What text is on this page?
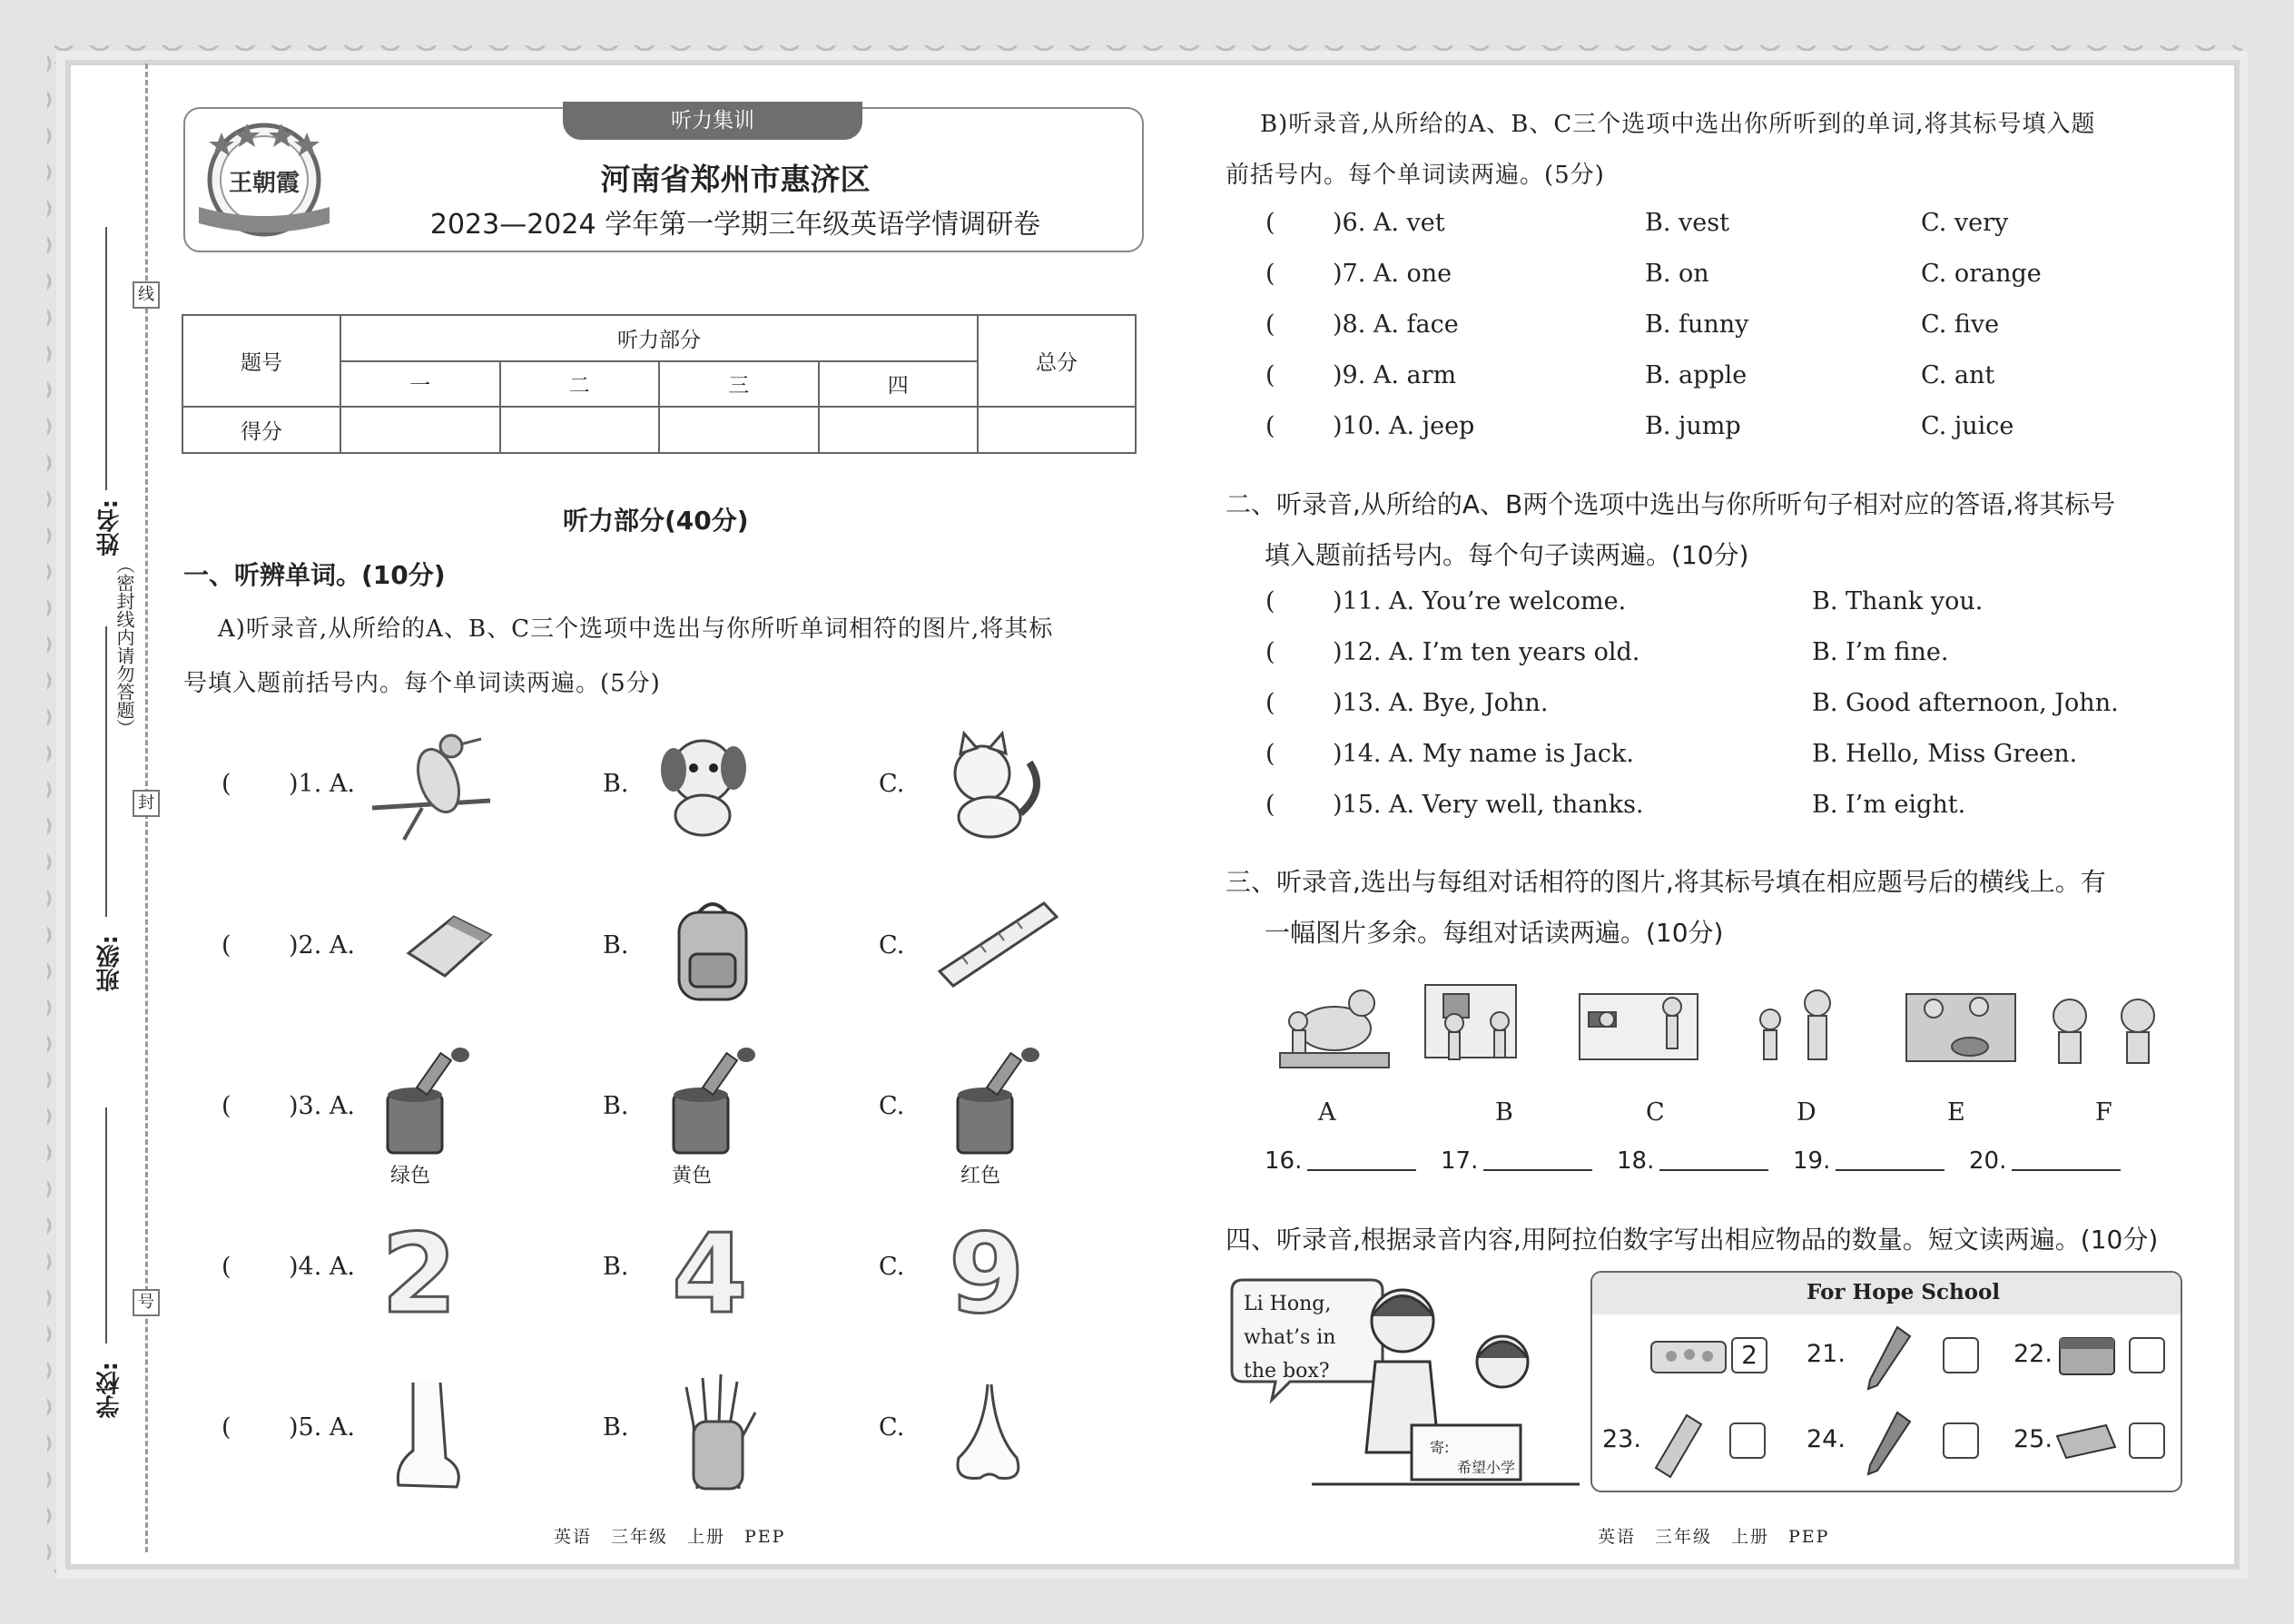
学校:
班级:
姓名:
线
封
号
（密封线内请勿答题）
听力集训
王朝霞	河南省郑州市惠济区
2023—2024 学年第一学期三年级英语学情调研卷
题号	听力部分				总分
	一	二	三	四	
得分					
听力部分(40分)
一、听辨单词。(10分)
A)听录音,从所给的A、B、C三个选项中选出与你所听单词相符的图片,将其标
号填入题前括号内。每个单词读两遍。(5分)
( )1. A.	B.	C.
( )2. A.	B.	C.
( )3. A.	B.	C.
( )4. A.	B.	C.
( )5. A.	B.	C.
绿色	黄色	红色
2 4 9
英语　三年级　上册　PEP
B)听录音,从所给的A、B、C三个选项中选出你所听到的单词,将其标号填入题
前括号内。每个单词读两遍。(5分)
( )6. A. vet	B. vest	C. very
( )7. A. one	B. on	C. orange
( )8. A. face	B. funny	C. five
( )9. A. arm	B. apple	C. ant
( )10. A. jeep	B. jump	C. juice
二、听录音,从所给的A、B两个选项中选出与你所听句子相对应的答语,将其标号
填入题前括号内。每个句子读两遍。(10分)
( )11. A. You’re welcome.	B. Thank you.
( )12. A. I’m ten years old.	B. I’m fine.
( )13. A. Bye, John.	B. Good afternoon, John.
( )14. A. My name is Jack.	B. Hello, Miss Green.
( )15. A. Very well, thanks.	B. I’m eight.
三、听录音,选出与每组对话相符的图片,将其标号填在相应题号后的横线上。有
一幅图片多余。每组对话读两遍。(10分)
A	B	C	D	E	F
16.	17.	18.	19.	20.
四、听录音,根据录音内容,用阿拉伯数字写出相应物品的数量。短文读两遍。(10分)
Li Hong,
what’s in
the box?
寄:
希望小学
For Hope School
2	21.	22.
23.	24.	25.
英语　三年级　上册　PEP
